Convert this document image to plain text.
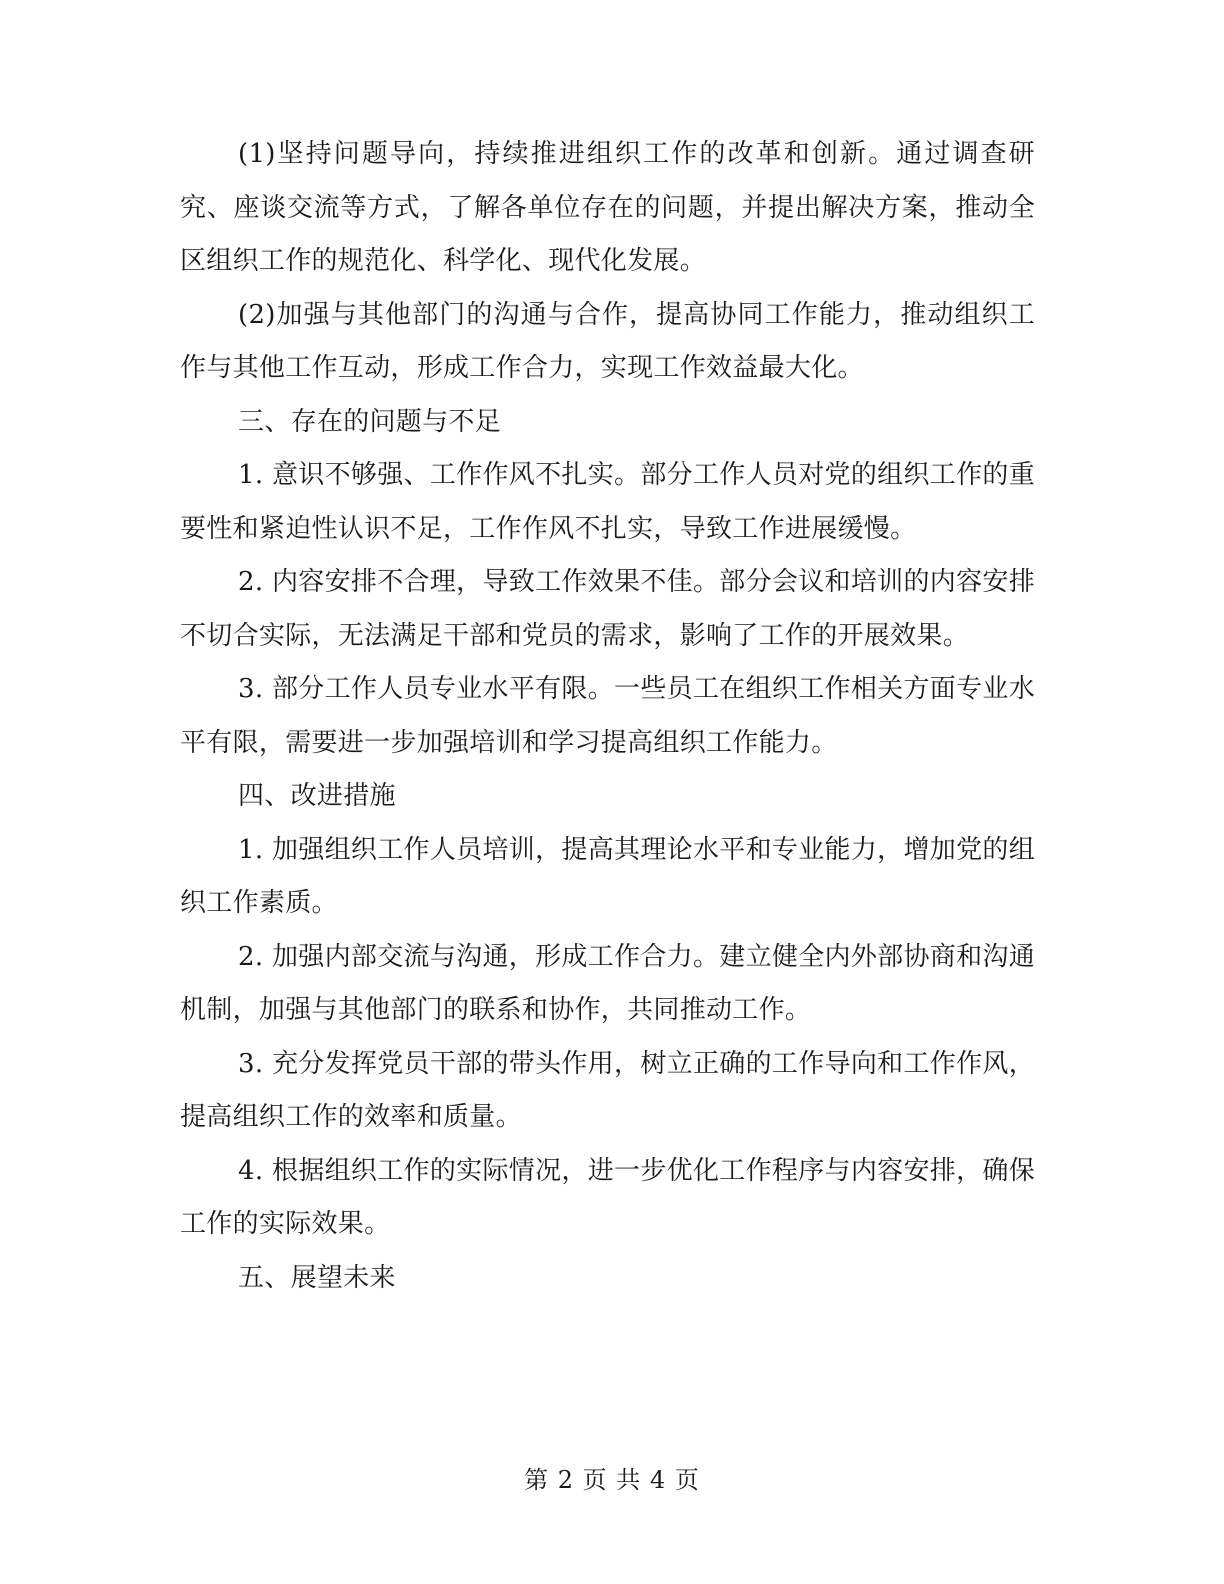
(1)坚持问题导向，持续推进组织工作的改革和创新。通过调查研究、座谈交流等方式，了解各单位存在的问题，并提出解决方案，推动全区组织工作的规范化、科学化、现代化发展。

(2)加强与其他部门的沟通与合作，提高协同工作能力，推动组织工作与其他工作互动，形成工作合力，实现工作效益最大化。

三、存在的问题与不足

1. 意识不够强、工作作风不扎实。部分工作人员对党的组织工作的重要性和紧迫性认识不足，工作作风不扎实，导致工作进展缓慢。

2. 内容安排不合理，导致工作效果不佳。部分会议和培训的内容安排不切合实际，无法满足干部和党员的需求，影响了工作的开展效果。

3. 部分工作人员专业水平有限。一些员工在组织工作相关方面专业水平有限，需要进一步加强培训和学习提高组织工作能力。

四、改进措施

1. 加强组织工作人员培训，提高其理论水平和专业能力，增加党的组织工作素质。

2. 加强内部交流与沟通，形成工作合力。建立健全内外部协商和沟通机制，加强与其他部门的联系和协作，共同推动工作。

3. 充分发挥党员干部的带头作用，树立正确的工作导向和工作作风，提高组织工作的效率和质量。

4. 根据组织工作的实际情况，进一步优化工作程序与内容安排，确保工作的实际效果。

五、展望未来

第 2 页 共 4 页
